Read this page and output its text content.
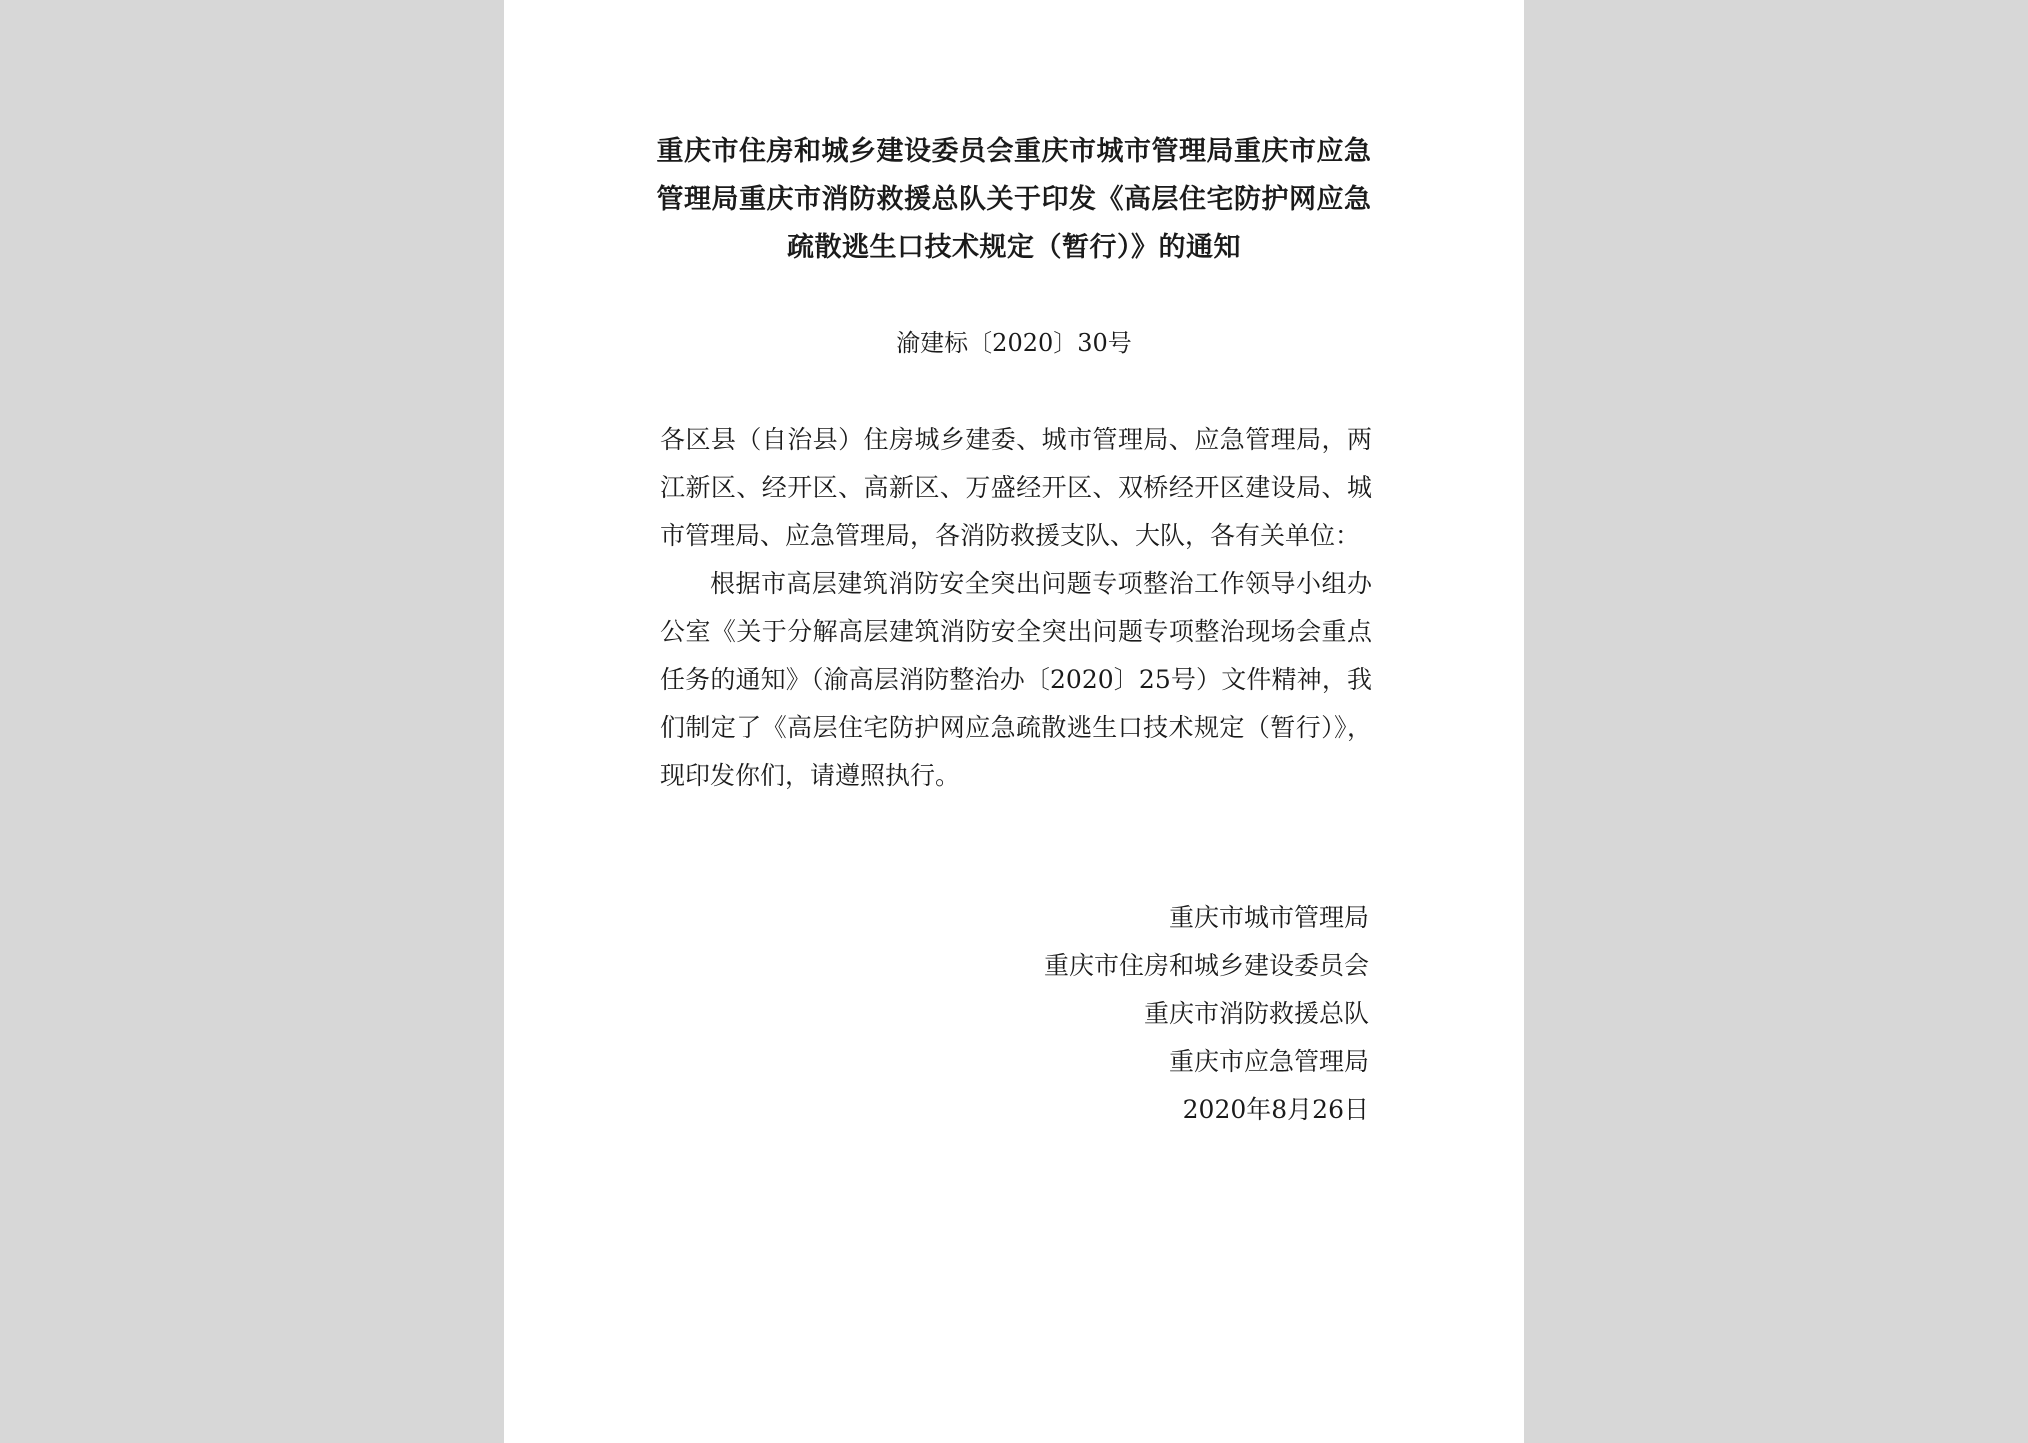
重庆市住房和城乡建设委员会重庆市城市管理局重庆市应急管理局重庆市消防救援总队关于印发《高层住宅防护网应急疏散逃生口技术规定（暂行）》的通知

渝建标〔2020〕30号

各区县（自治县）住房城乡建委、城市管理局、应急管理局，两江新区、经开区、高新区、万盛经开区、双桥经开区建设局、城市管理局、应急管理局，各消防救援支队、大队，各有关单位：

根据市高层建筑消防安全突出问题专项整治工作领导小组办公室《关于分解高层建筑消防安全突出问题专项整治现场会重点任务的通知》（渝高层消防整治办〔2020〕25号）文件精神，我们制定了《高层住宅防护网应急疏散逃生口技术规定（暂行）》，现印发你们，请遵照执行。

重庆市城市管理局
重庆市住房和城乡建设委员会
重庆市消防救援总队
重庆市应急管理局
2020年8月26日
